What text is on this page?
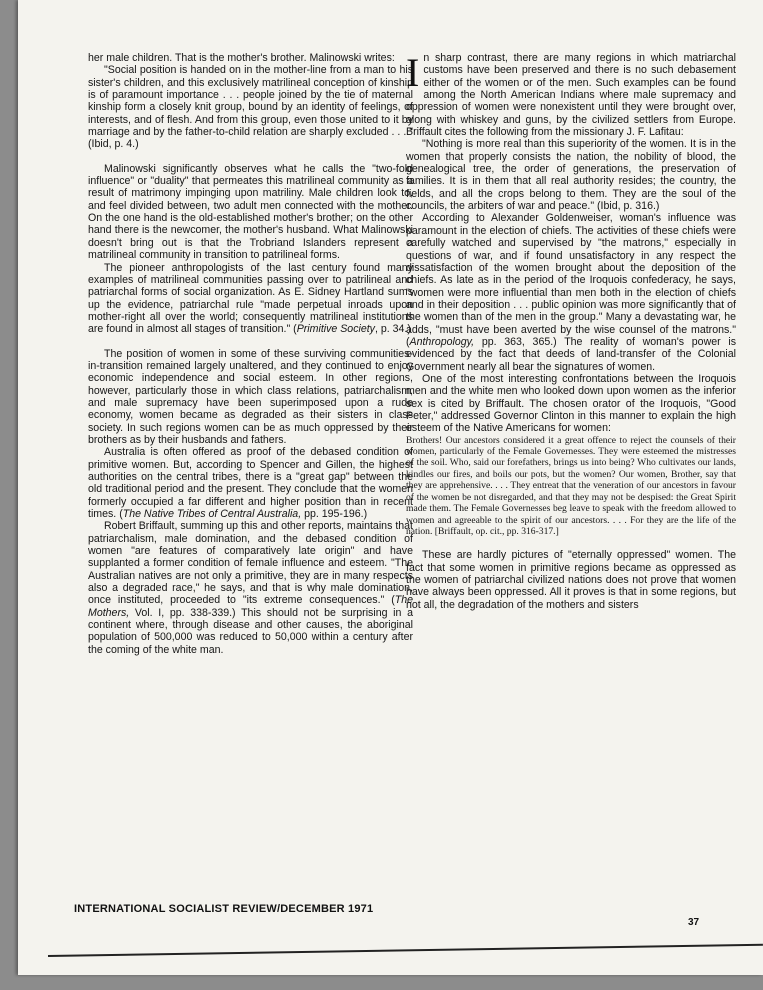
her male children. That is the mother's brother. Malinowski writes:

"Social position is handed on in the mother-line from a man to his sister's children, and this exclusively matrilineal conception of kinship is of paramount importance . . . people joined by the tie of maternal kinship form a closely knit group, bound by an identity of feelings, of interests, and of flesh. And from this group, even those united to it by marriage and by the father-to-child relation are sharply excluded . . . " (Ibid, p. 4.)

Malinowski significantly observes what he calls the "two-fold influence" or "duality" that permeates this matrilineal community as a result of matrimony impinging upon matriliny. Male children look to, and feel divided between, two adult men connected with the mother. On the one hand is the old-established mother's brother; on the other hand there is the newcomer, the mother's husband. What Malinowski doesn't bring out is that the Trobriand Islanders represent a matrilineal community in transition to patrilineal forms.

The pioneer anthropologists of the last century found many examples of matrilineal communities passing over to patrilineal and patriarchal forms of social organization. As E. Sidney Hartland sums up the evidence, patriarchal rule "made perpetual inroads upon mother-right all over the world; consequently matrilineal institutions are found in almost all stages of transition." (Primitive Society, p. 34.)

The position of women in some of these surviving communities-in-transition remained largely unaltered, and they continued to enjoy economic independence and social esteem. In other regions, however, particularly those in which class relations, patriarchalism, and male supremacy have been superimposed upon a rude economy, women became as degraded as their sisters in class society. In such regions women can be as much oppressed by their brothers as by their husbands and fathers.

Australia is often offered as proof of the debased condition of primitive women. But, according to Spencer and Gillen, the highest authorities on the central tribes, there is a "great gap" between the old traditional period and the present. They conclude that the women formerly occupied a far different and higher position than in recent times. (The Native Tribes of Central Australia, pp. 195-196.)

Robert Briffault, summing up this and other reports, maintains that patriarchalism, male domination, and the debased condition of women "are features of comparatively late origin" and have supplanted a former condition of female influence and esteem. "The Australian natives are not only a primitive, they are in many respects also a degraded race," he says, and that is why male domination, once instituted, proceeded to "its extreme consequences." (The Mothers, Vol. I, pp. 338-339.) This should not be surprising in a continent where, through disease and other causes, the aboriginal population of 500,000 was reduced to 50,000 within a century after the coming of the white man.

In sharp contrast, there are many regions in which matriarchal customs have been preserved and there is no such debasement either of the women or of the men. Such examples can be found among the North American Indians where male supremacy and oppression of women were nonexistent until they were brought over, along with whiskey and guns, by the civilized settlers from Europe. Briffault cites the following from the missionary J. F. Lafitau:

"Nothing is more real than this superiority of the women. It is in the women that properly consists the nation, the nobility of blood, the genealogical tree, the order of generations, the preservation of families. It is in them that all real authority resides; the country, the fields, and all the crops belong to them. They are the soul of the councils, the arbiters of war and peace." (Ibid, p. 316.)

According to Alexander Goldenweiser, woman's influence was paramount in the election of chiefs. The activities of these chiefs were carefully watched and supervised by "the matrons," especially in questions of war, and if found unsatisfactory in any respect the dissatisfaction of the women brought about the deposition of the chiefs. As late as in the period of the Iroquois confederacy, he says, "women were more influential than men both in the election of chiefs and in their deposition . . . public opinion was more significantly that of the women than of the men in the group." Many a devastating war, he adds, "must have been averted by the wise counsel of the matrons." (Anthropology, pp. 363, 365.) The reality of woman's power is evidenced by the fact that deeds of land-transfer of the Colonial Government nearly all bear the signatures of women.

One of the most interesting confrontations between the Iroquois men and the white men who looked down upon women as the inferior sex is cited by Briffault. The chosen orator of the Iroquois, "Good Peter," addressed Governor Clinton in this manner to explain the high esteem of the Native Americans for women:

Brothers! Our ancestors considered it a great offence to reject the counsels of their women, particularly of the Female Governesses. They were esteemed the mistresses of the soil. Who, said our forefathers, brings us into being? Who cultivates our lands, kindles our fires, and boils our pots, but the women? Our women, Brother, say that they are apprehensive. . . . They entreat that the veneration of our ancestors in favour of the women be not disregarded, and that they may not be despised: the Great Spirit made them. The Female Governesses beg leave to speak with the freedom allowed to women and agreeable to the spirit of our ancestors. . . . For they are the life of the nation. [Briffault, op. cit., pp. 316-317.]

These are hardly pictures of "eternally oppressed" women. The fact that some women in primitive regions became as oppressed as the women of patriarchal civilized nations does not prove that women have always been oppressed. All it proves is that in some regions, but not all, the degradation of the mothers and sisters

INTERNATIONAL SOCIALIST REVIEW/DECEMBER 1971
37
